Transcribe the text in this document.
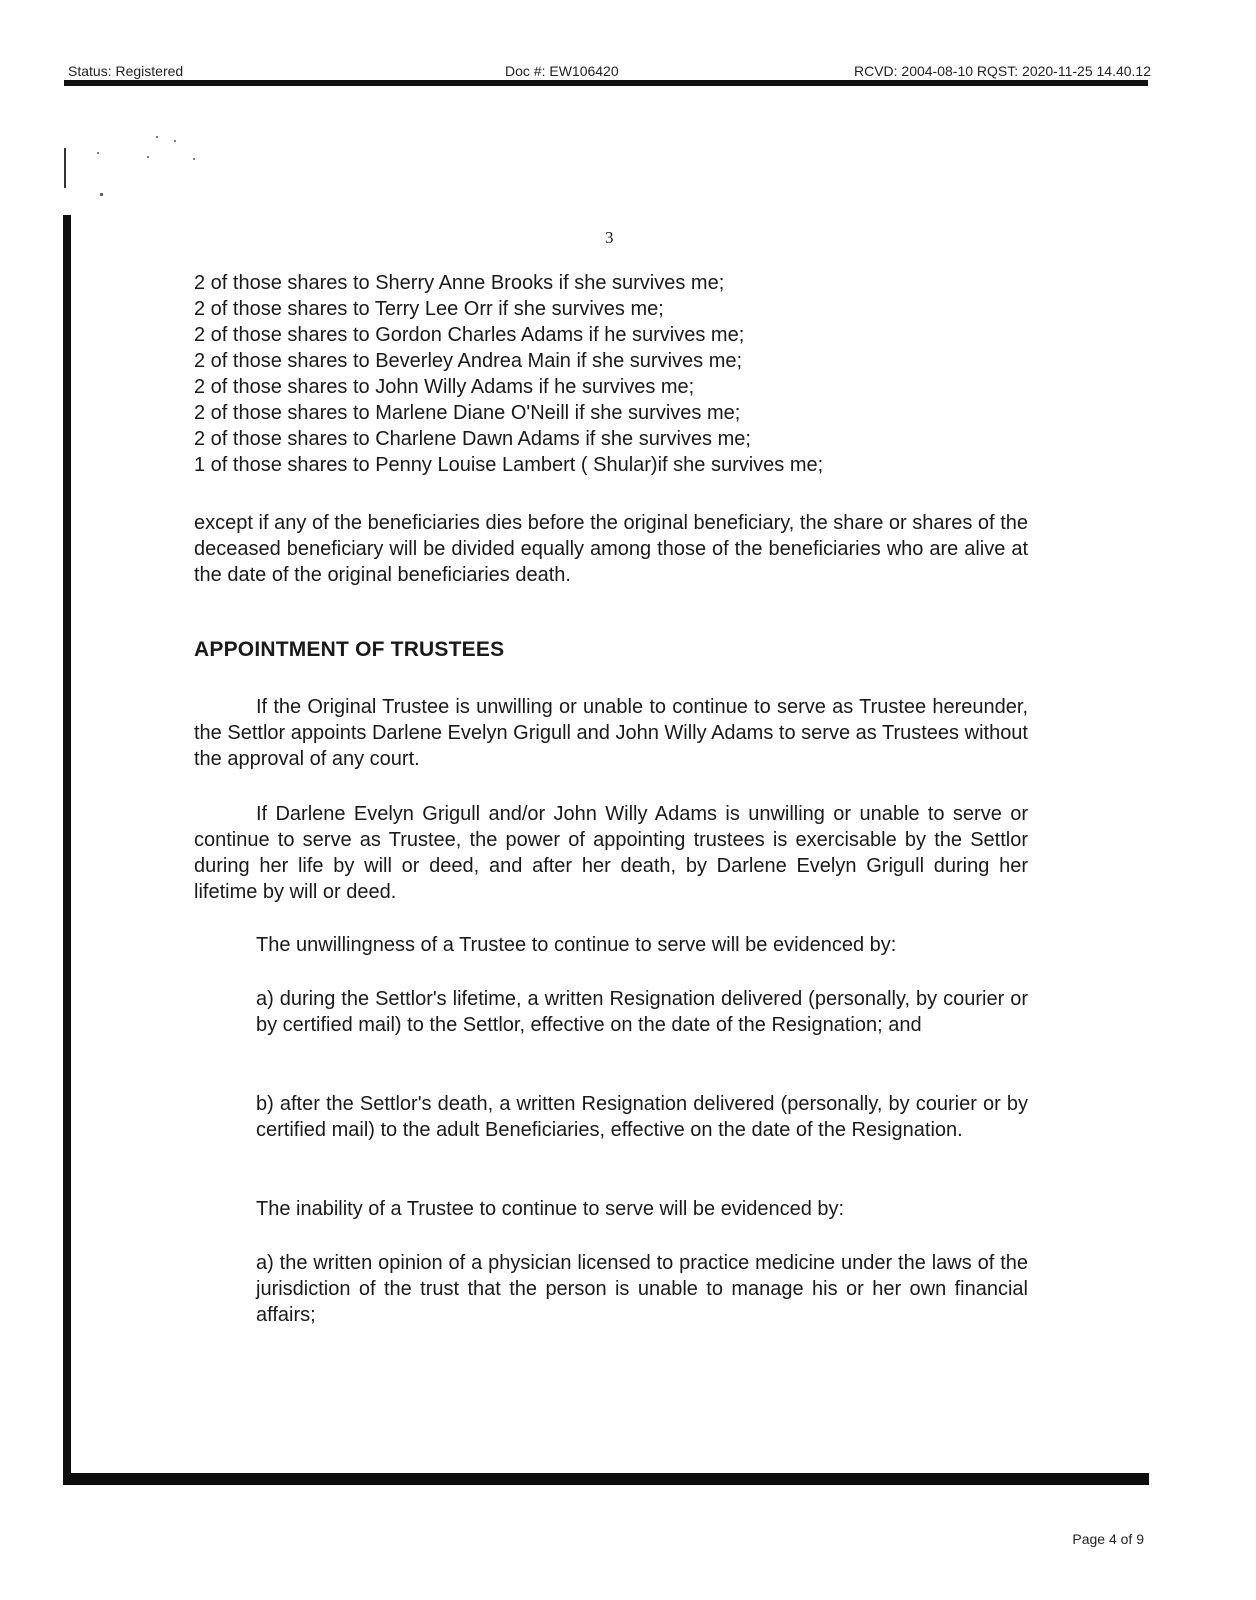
Status: Registered	Doc #: EW106420	RCVD: 2004-08-10 RQST: 2020-11-25 14.40.12
3
2 of those shares to Sherry Anne Brooks if she survives me;
2 of those shares to Terry Lee Orr if she survives me;
2 of those shares to Gordon Charles Adams if he survives me;
2 of those shares to Beverley Andrea Main if she survives me;
2 of those shares to John Willy Adams if he survives me;
2 of those shares to Marlene Diane O'Neill if she survives me;
2 of those shares to Charlene Dawn Adams if she survives me;
1 of those shares to Penny Louise Lambert ( Shular)if she survives me;
except if any of the beneficiaries dies before the original beneficiary, the share or shares of the deceased beneficiary will be divided equally among those of the beneficiaries who are alive at the date of the original beneficiaries death.
APPOINTMENT OF TRUSTEES
If the Original Trustee is unwilling or unable to continue to serve as Trustee hereunder, the Settlor appoints Darlene Evelyn Grigull and John Willy Adams to serve as Trustees without the approval of any court.
If Darlene Evelyn Grigull and/or John Willy Adams is unwilling or unable to serve or continue to serve as Trustee, the power of appointing trustees is exercisable by the Settlor during her life by will or deed, and after her death, by Darlene Evelyn Grigull during her lifetime by will or deed.
The unwillingness of a Trustee to continue to serve will be evidenced by:
a) during the Settlor's lifetime, a written Resignation delivered (personally, by courier or by certified mail) to the Settlor, effective on the date of the Resignation; and
b) after the Settlor's death, a written Resignation delivered (personally, by courier or by certified mail) to the adult Beneficiaries, effective on the date of the Resignation.
The inability of a Trustee to continue to serve will be evidenced by:
a) the written opinion of a physician licensed to practice medicine under the laws of the jurisdiction of the trust that the person is unable to manage his or her own financial affairs;
Page 4 of 9
